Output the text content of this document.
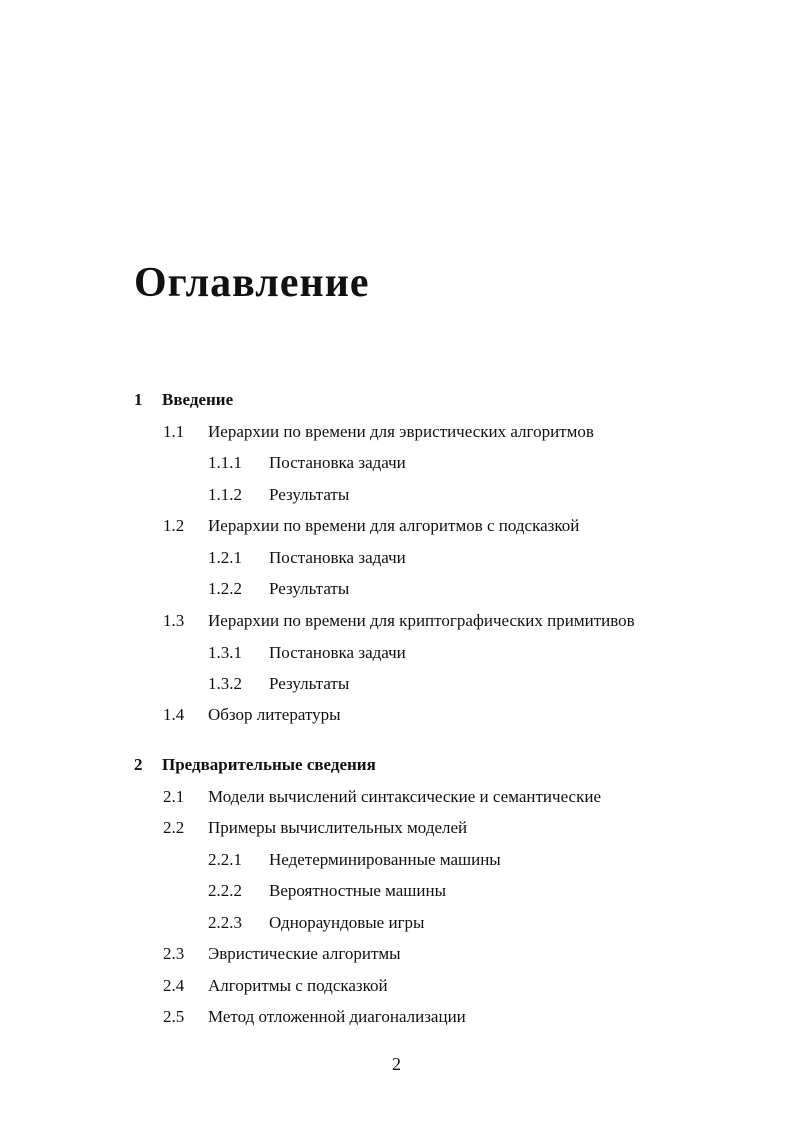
Оглавление
1 Введение
1.1 Иерархии по времени для эвристических алгоритмов
1.1.1 Постановка задачи
1.1.2 Результаты
1.2 Иерархии по времени для алгоритмов с подсказкой
1.2.1 Постановка задачи
1.2.2 Результаты
1.3 Иерархии по времени для криптографических примитивов
1.3.1 Постановка задачи
1.3.2 Результаты
1.4 Обзор литературы
2 Предварительные сведения
2.1 Модели вычислений синтаксические и семантические
2.2 Примеры вычислительных моделей
2.2.1 Недетерминированные машины
2.2.2 Вероятностные машины
2.2.3 Однораундовые игры
2.3 Эвристические алгоритмы
2.4 Алгоритмы с подсказкой
2.5 Метод отложенной диагонализации
2
